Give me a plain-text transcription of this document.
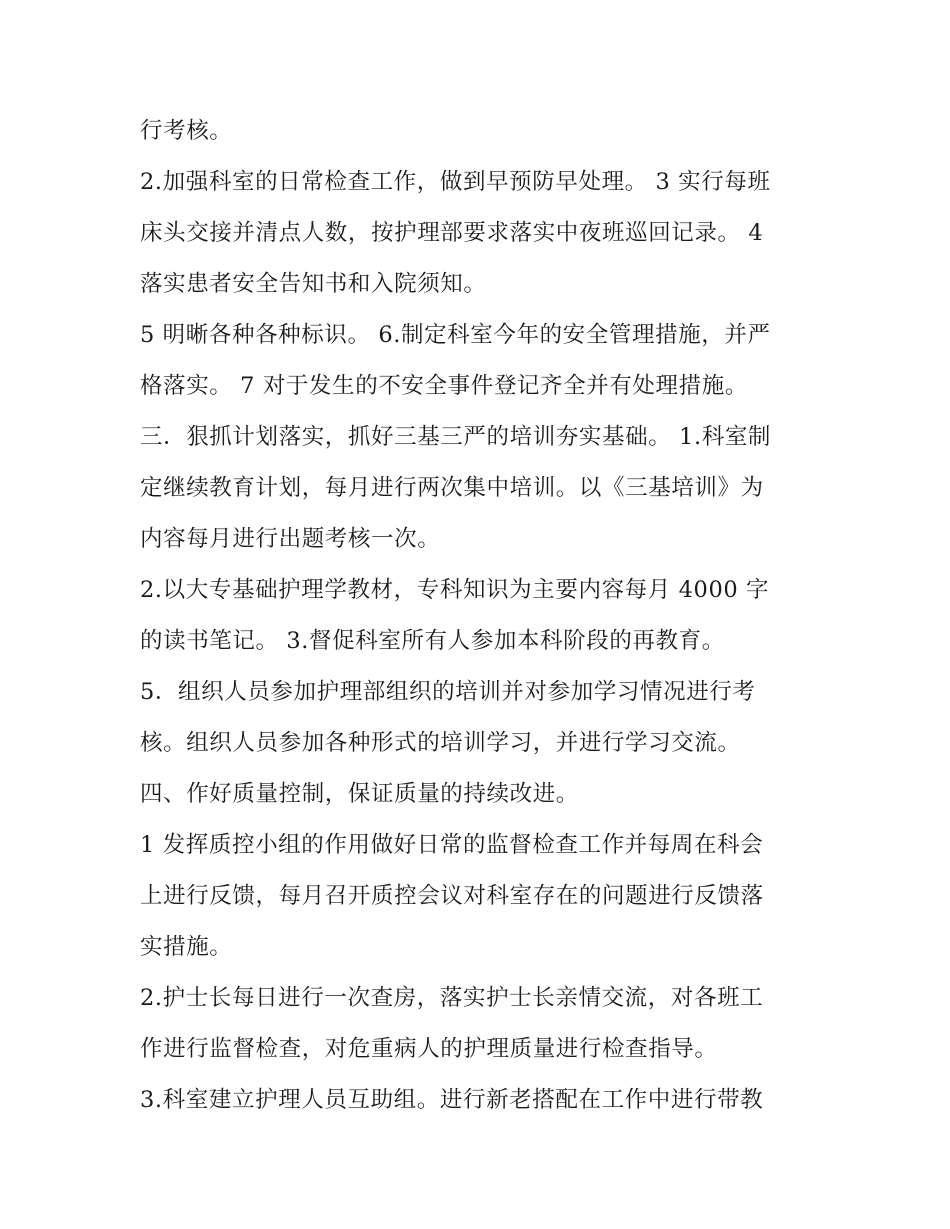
行考核。
2.加强科室的日常检查工作，做到早预防早处理。 3 实行每班
床头交接并清点人数，按护理部要求落实中夜班巡回记录。 4
落实患者安全告知书和入院须知。
5 明晰各种各种标识。 6.制定科室今年的安全管理措施，并严
格落实。 7 对于发生的不安全事件登记齐全并有处理措施。
三．狠抓计划落实，抓好三基三严的培训夯实基础。 1.科室制
定继续教育计划，每月进行两次集中培训。以《三基培训》为
内容每月进行出题考核一次。
2.以大专基础护理学教材，专科知识为主要内容每月 4000 字
的读书笔记。 3.督促科室所有人参加本科阶段的再教育。
5．组织人员参加护理部组织的培训并对参加学习情况进行考
核。组织人员参加各种形式的培训学习，并进行学习交流。
四、作好质量控制，保证质量的持续改进。
1 发挥质控小组的作用做好日常的监督检查工作并每周在科会
上进行反馈，每月召开质控会议对科室存在的问题进行反馈落
实措施。
2.护士长每日进行一次查房，落实护士长亲情交流，对各班工
作进行监督检查，对危重病人的护理质量进行检查指导。
3.科室建立护理人员互助组。进行新老搭配在工作中进行带教
